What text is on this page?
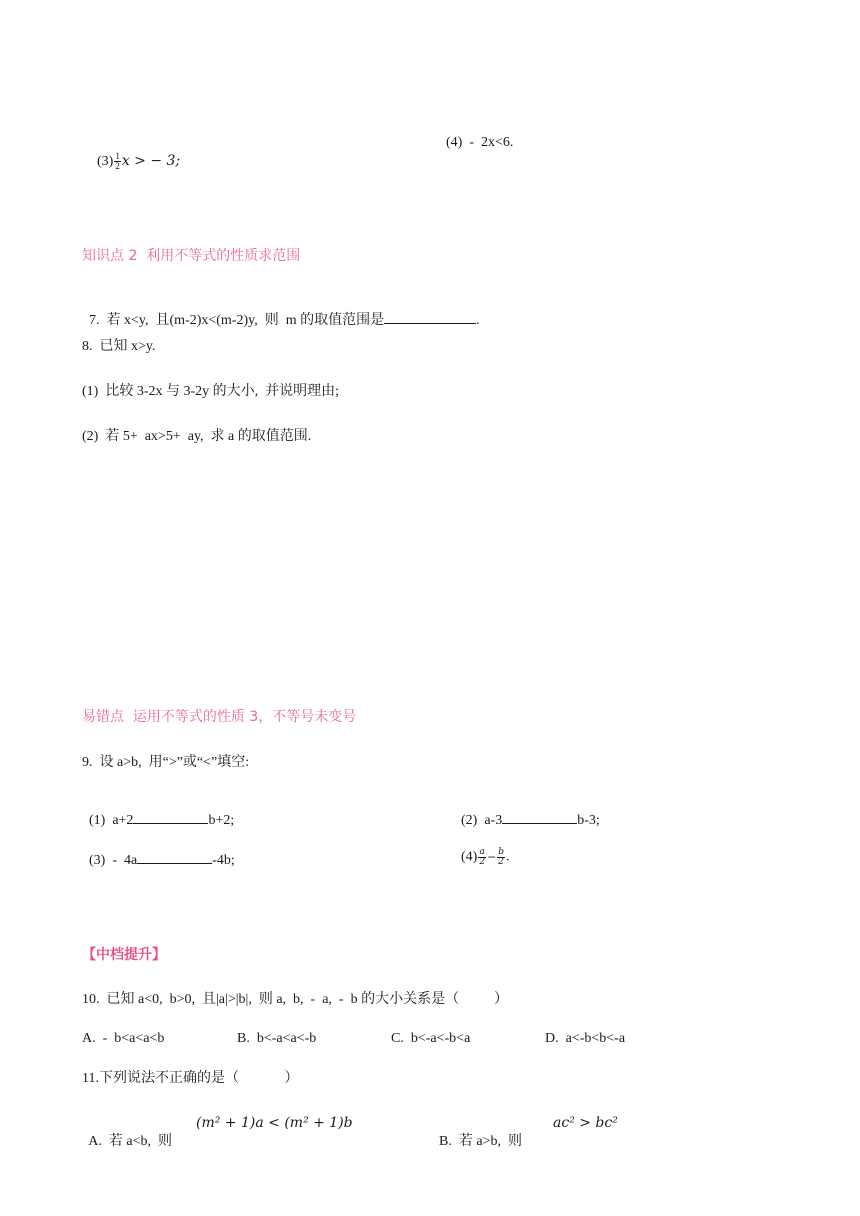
$(3) \frac{1}{2}$ x > − 3;

(4)  -  2x<6.
知识点 2  利用不等式的性质求范围

7.  若 x<y,  且(m-2)x<(m-2)y,  则  m 的取值范围是	.

8.  已知 x>y.
(1)  比较 3-2x 与 3-2y 的大小,  并说明理由;
(2)  若 5+  ax>5+  ay,  求 a 的取值范围.
易错点  运用不等式的性质 3，不等号未变号
9.  设 a>b,  用“>”或“<”填空:

(1)  a+2	b+2;	(2)  a-3	b-3;

(3)  -  4a	-4b;	$(4) \frac{a}{2} - \frac{b}{2}$ .

【中档提升】
10.  已知 a<0,  b>0,  且|a|>|b|,  则 a,  b,  -  a,  -  b 的大小关系是（          ）
A.  -  b<a<a<b	B.  b<-a<a<-b	C.  b<-a<-b<a	D.  a<-b<b<-a
11.下列说法不正确的是（             ）

A.  若 a<b,  则

(m² + 1)a < (m² + 1)b

B.  若 a>b,  则

ac² > bc²
